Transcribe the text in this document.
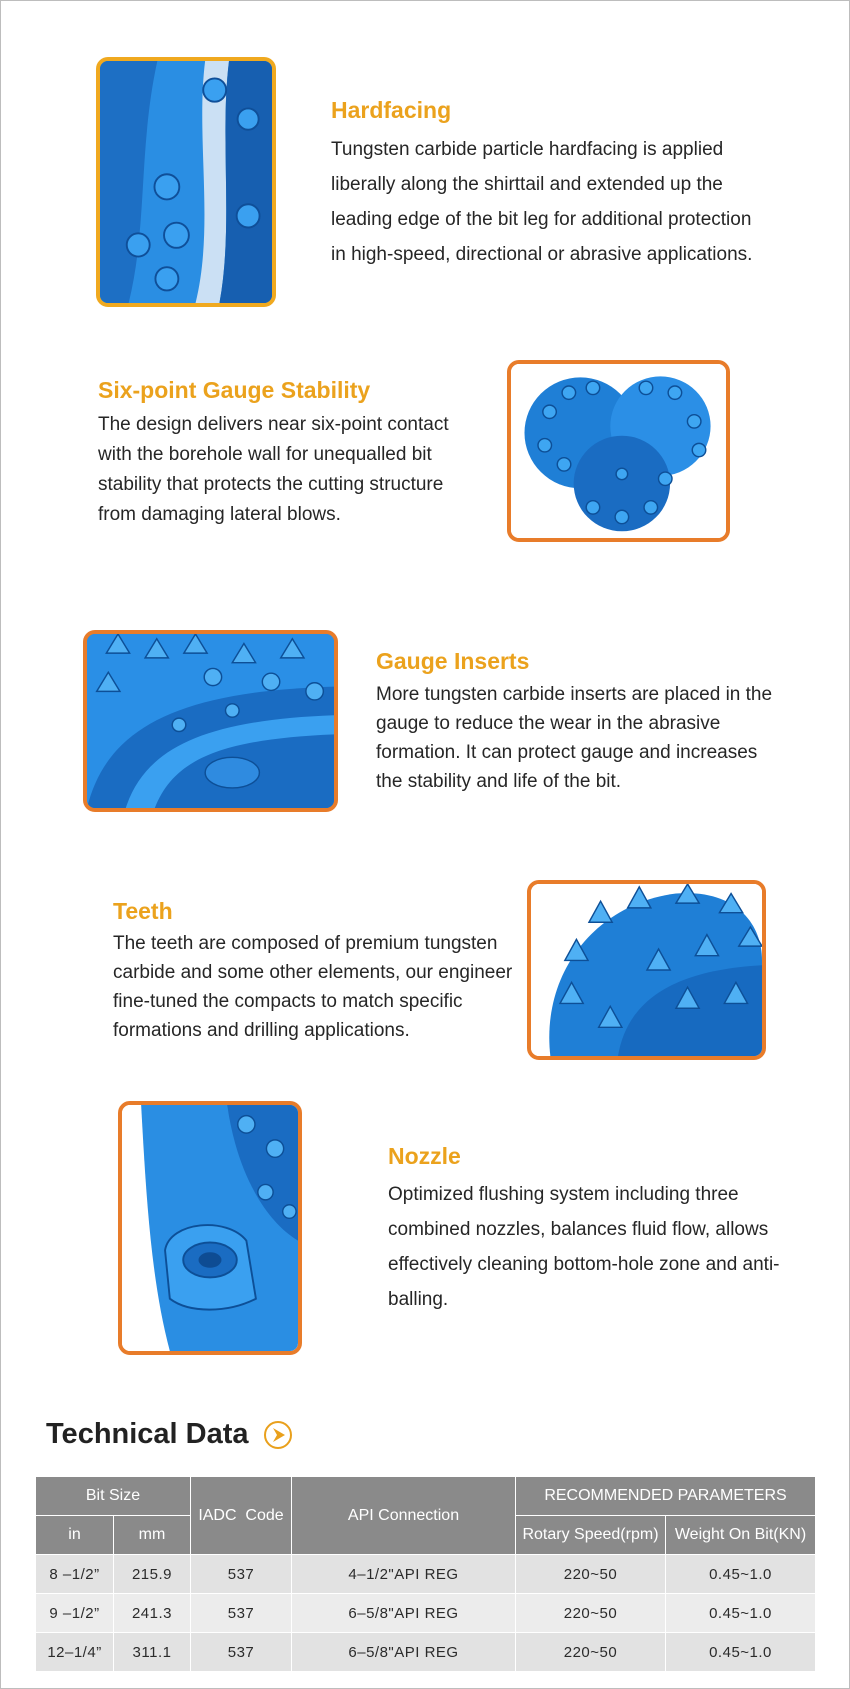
Hardfacing
Tungsten carbide particle hardfacing is applied liberally along the shirttail and extended up the leading edge of the bit leg for additional protection in high-speed, directional or abrasive applications.
Six-point Gauge Stability
The design delivers near six-point contact with the borehole wall for unequalled bit stability that protects the cutting structure from damaging lateral blows.
Gauge Inserts
More tungsten carbide inserts are placed in the gauge to reduce the wear in the abrasive formation. It can protect gauge and increases the stability and life of the bit.
Teeth
The teeth are composed of premium tungsten carbide and some other elements, our engineer fine-tuned the compacts to match specific formations and drilling applications.
Nozzle
Optimized flushing system including three combined nozzles, balances fluid flow, allows effectively cleaning bottom-hole zone and anti-balling.
Technical Data
Bit Size		IADC  Code	API Connection	RECOMMENDED PARAMETERS	
in	mm			Rotary Speed(rpm)	Weight On Bit(KN)
8 –1/2”	215.9	537	4–1/2"API REG	220~50	0.45~1.0
9 –1/2”	241.3	537	6–5/8"API REG	220~50	0.45~1.0
12–1/4”	311.1	537	6–5/8"API REG	220~50	0.45~1.0
